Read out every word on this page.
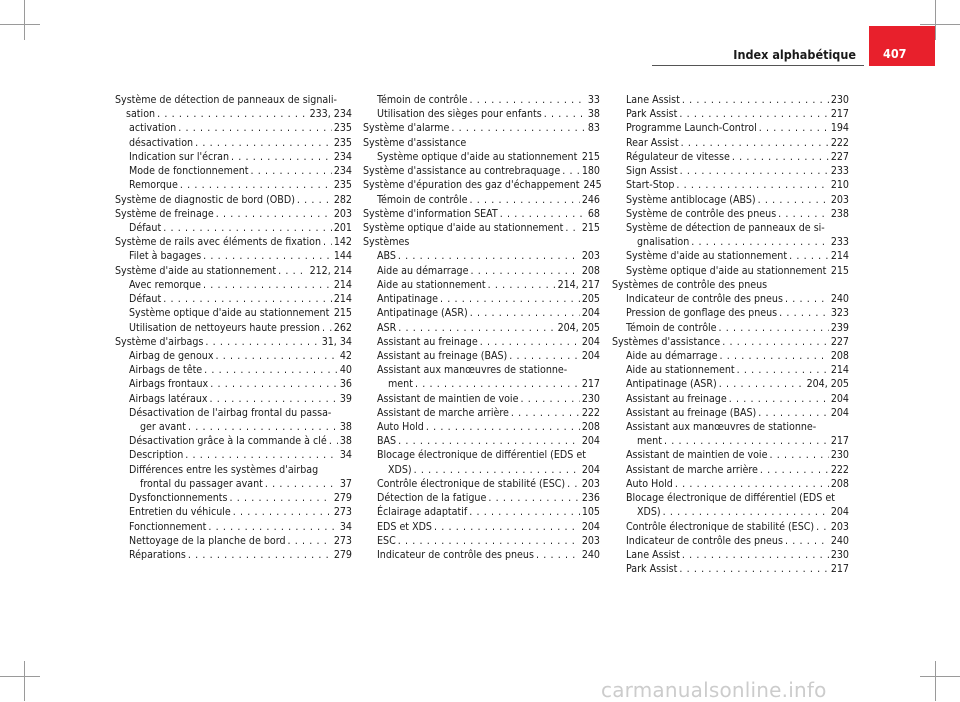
Index alphabétique	407
Système de détection de panneaux de signali-
sation . . .	233, 234
activation . . .	235
désactivation . . .	235
Indication sur l'écran . . .	234
Mode de fonctionnement . . .	234
Remorque . . .	235
Système de diagnostic de bord (OBD) . . .	282
Système de freinage . . .	203
Défaut . . .	201
Système de rails avec éléments de fixation . . . 142
Filet à bagages . . .	144
Système d'aide au stationnement . . .	212, 214
Avec remorque . . .	214
Défaut . . .	214
Système optique d'aide au stationnement . . . 215
Utilisation de nettoyeurs haute pression . . . 262
Système d'airbags . . .	31, 34
Airbag de genoux . . .	42
Airbags de tête . . .	40
Airbags frontaux . . .	36
Airbags latéraux . . .	39
Désactivation de l'airbag frontal du passa-
ger avant . . .	38
Désactivation grâce à la commande à clé . . . 38
Description . . .	34
Différences entre les systèmes d'airbag
frontal du passager avant . . .	37
Dysfonctionnements . . .	279
Entretien du véhicule . . .	273
Fonctionnement . . .	34
Nettoyage de la planche de bord . . .	273
Réparations . . .	279
Témoin de contrôle . . .	33
Utilisation des sièges pour enfants . . .	38
Système d'alarme . . .	83
Système d'assistance
Système optique d'aide au stationnement . . . 215
Système d'assistance au contrebraquage . . . 180
Système d'épuration des gaz d'échappement 245
Témoin de contrôle . . .	246
Système d'information SEAT . . .	68
Système optique d'aide au stationnement . . . 215
Systèmes
ABS . . .	203
Aide au démarrage . . .	208
Aide au stationnement . . .	214, 217
Antipatinage . . .	205
Antipatinage (ASR) . . .	204
ASR . . .	204, 205
Assistant au freinage . . .	204
Assistant au freinage (BAS) . . .	204
Assistant aux manœuvres de stationne-
ment . . .	217
Assistant de maintien de voie . . .	230
Assistant de marche arrière . . .	222
Auto Hold . . .	208
BAS . . .	204
Blocage électronique de différentiel (EDS et
XDS) . . .	204
Contrôle électronique de stabilité (ESC) . . . 203
Détection de la fatigue . . .	236
Éclairage adaptatif . . .	105
EDS et XDS . . .	204
ESC . . .	203
Indicateur de contrôle des pneus . . .	240
Lane Assist . . .	230
Park Assist . . .	217
Programme Launch-Control . . .	194
Rear Assist . . .	222
Régulateur de vitesse . . .	227
Sign Assist . . .	233
Start-Stop . . .	210
Système antiblocage (ABS) . . .	203
Système de contrôle des pneus . . .	238
Système de détection de panneaux de si-
gnalisation . . .	233
Système d'aide au stationnement . . .	214
Système optique d'aide au stationnement . . . 215
Systèmes de contrôle des pneus
Indicateur de contrôle des pneus . . .	240
Pression de gonflage des pneus . . .	323
Témoin de contrôle . . .	239
Systèmes d'assistance . . .	227
Aide au démarrage . . .	208
Aide au stationnement . . .	214
Antipatinage (ASR) . . .	204, 205
Assistant au freinage . . .	204
Assistant au freinage (BAS) . . .	204
Assistant aux manœuvres de stationne-
ment . . .	217
Assistant de maintien de voie . . .	230
Assistant de marche arrière . . .	222
Auto Hold . . .	208
Blocage électronique de différentiel (EDS et
XDS) . . .	204
Contrôle électronique de stabilité (ESC) . . . 203
Indicateur de contrôle des pneus . . .	240
Lane Assist . . .	230
Park Assist . . .	217
carmanualsonline.info
